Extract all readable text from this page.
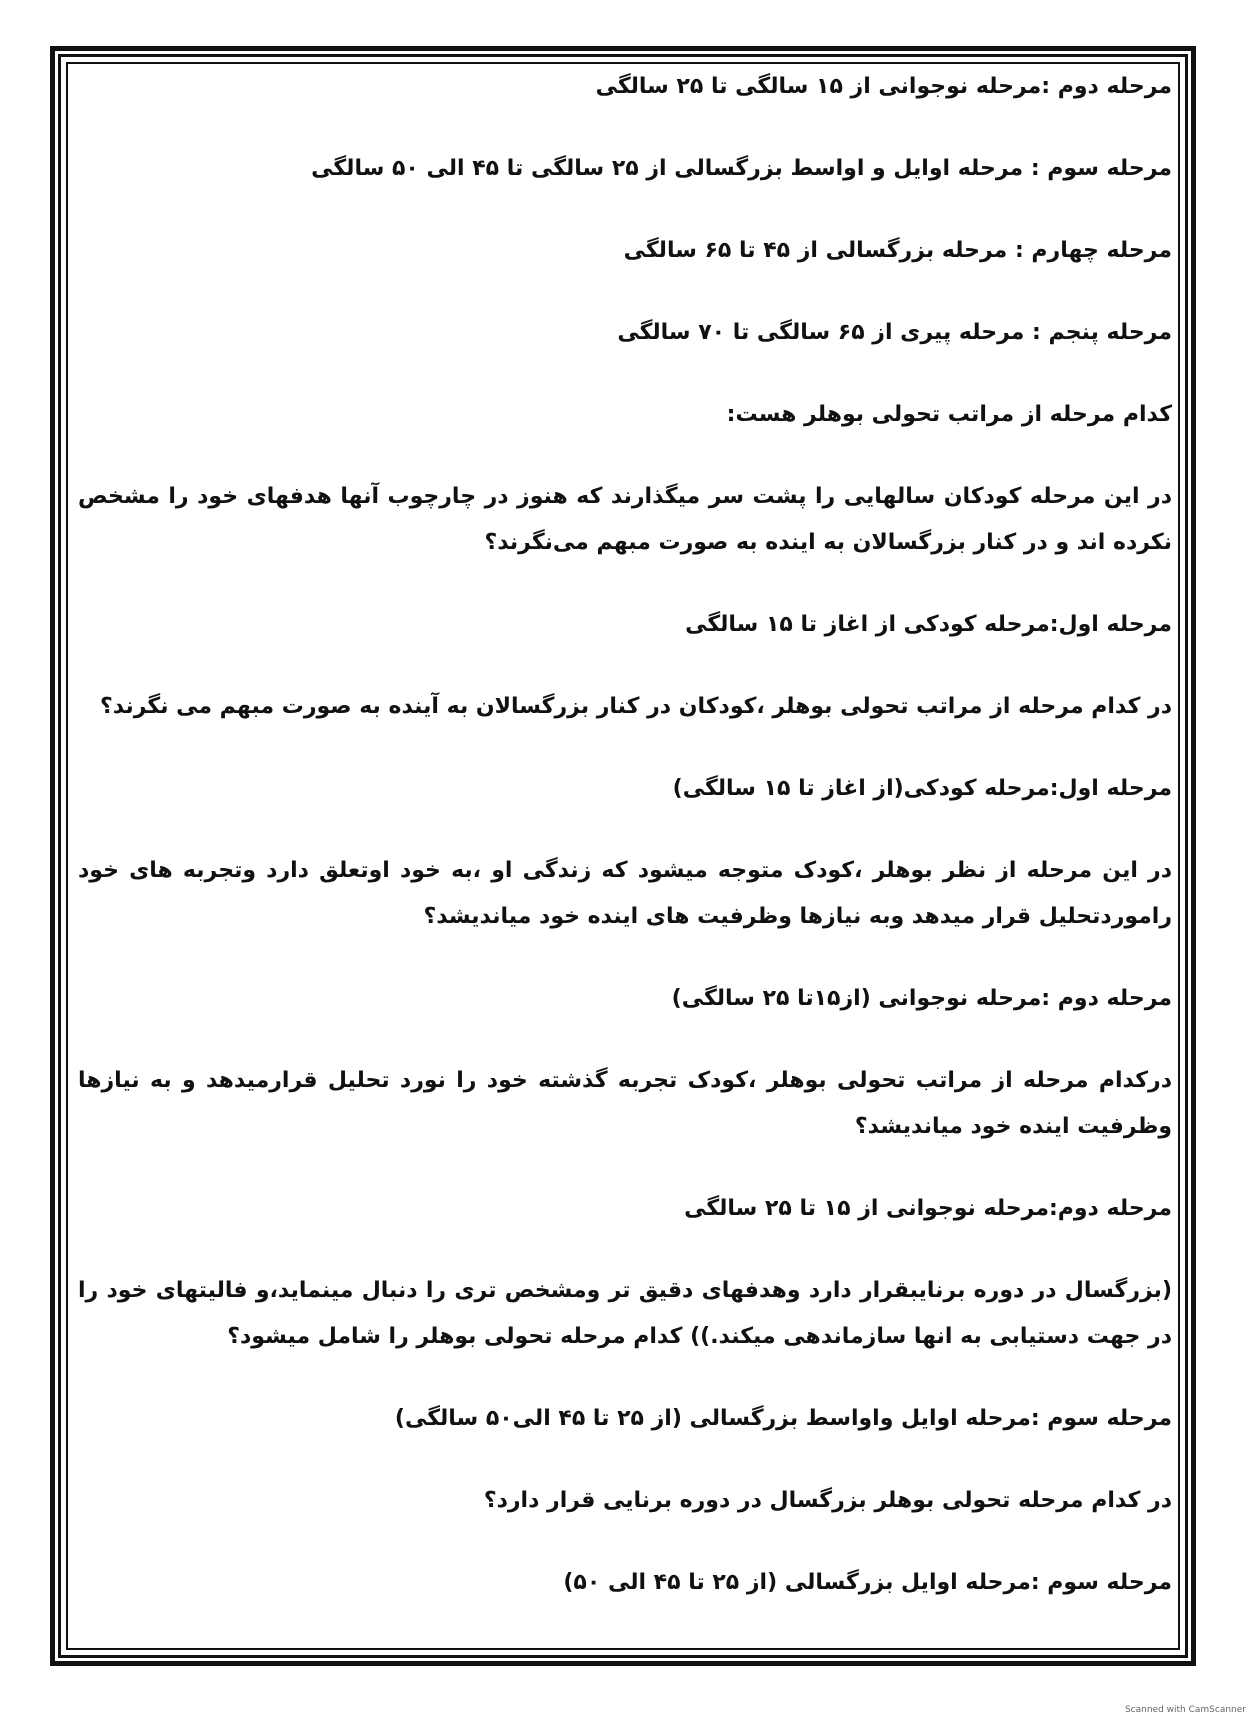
مرحله دوم :مرحله نوجوانی از ۱۵ سالگی تا ۲۵ سالگی

مرحله سوم : مرحله اوایل و اواسط بزرگسالی از ۲۵ سالگی تا ۴۵ الی ۵۰ سالگی

مرحله چهارم : مرحله بزرگسالی از ۴۵ تا ۶۵ سالگی

مرحله پنجم : مرحله پیری از ۶۵ سالگی تا ۷۰ سالگی

کدام مرحله از مراتب تحولی بوهلر هست:

در این مرحله کودکان سالهایی را پشت سر میگذارند که هنوز در چارچوب آنها هدفهای خود را مشخص نکرده اند و در کنار بزرگسالان به اینده به صورت مبهم می‌نگرند؟

مرحله اول:مرحله کودکی از اغاز تا ۱۵ سالگی

در کدام مرحله از مراتب تحولی بوهلر ،کودکان در کنار بزرگسالان به آینده به صورت مبهم می نگرند؟

مرحله اول:مرحله کودکی(از اغاز تا ۱۵ سالگی)

در این مرحله از نظر بوهلر ،کودک متوجه میشود که زندگی او ،به خود اوتعلق دارد وتجربه های خود راموردتحلیل قرار میدهد وبه نیازها وظرفیت های اینده خود میاندیشد؟

مرحله دوم :مرحله نوجوانی (از۱۵تا ۲۵ سالگی)

درکدام مرحله از مراتب تحولی بوهلر ،کودک تجربه گذشته خود را نورد تحلیل قرارمیدهد و به نیازها وظرفیت اینده خود میاندیشد؟

مرحله دوم:مرحله نوجوانی از ۱۵ تا ۲۵ سالگی

(بزرگسال در دوره برنایبقرار دارد وهدفهای دقیق تر ومشخص تری را دنبال مینماید،و فالیتهای خود را در جهت دستیابی به انها سازماندهی میکند.)) کدام مرحله تحولی بوهلر را شامل میشود؟

مرحله سوم :مرحله اوایل واواسط بزرگسالی (از ۲۵ تا ۴۵ الی۵۰ سالگی)

در کدام مرحله تحولی بوهلر بزرگسال در دوره برنایی قرار دارد؟

مرحله سوم :مرحله اوایل بزرگسالی (از ۲۵ تا ۴۵ الی ۵۰)

Scanned with CamScanner
